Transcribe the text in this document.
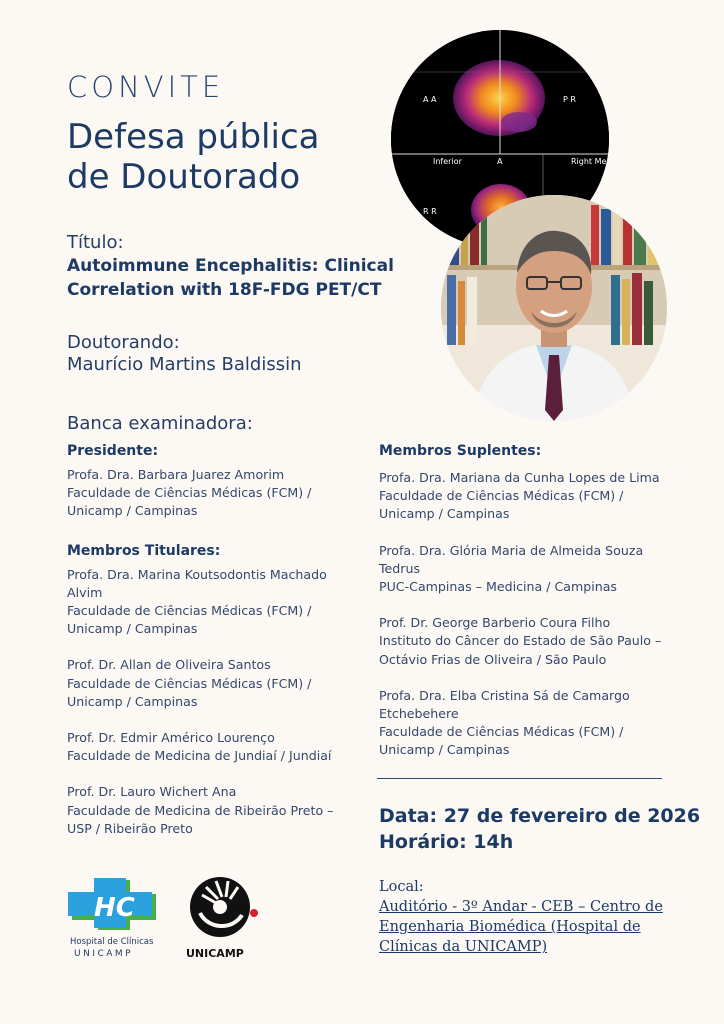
CONVITE
Defesa pública
de Doutorado
Título:
Autoimmune Encephalitis: Clinical Correlation with 18F-FDG PET/CT
Doutorando:
Maurício Martins Baldissin
Banca examinadora:
Presidente:
Profa. Dra. Barbara Juarez Amorim
Faculdade de Ciências Médicas (FCM) / Unicamp / Campinas
Membros Titulares:
Profa. Dra. Marina Koutsodontis Machado Alvim
Faculdade de Ciências Médicas (FCM) / Unicamp / Campinas
Prof. Dr. Allan de Oliveira Santos
Faculdade de Ciências Médicas (FCM) / Unicamp / Campinas
Prof. Dr. Edmir Américo Lourenço
Faculdade de Medicina de Jundiaí / Jundiaí
Prof. Dr. Lauro Wichert Ana
Faculdade de Medicina de Ribeirão Preto – USP / Ribeirão Preto
Membros Suplentes:
Profa. Dra. Mariana da Cunha Lopes de Lima
Faculdade de Ciências Médicas (FCM) / Unicamp / Campinas
Profa. Dra. Glória Maria de Almeida Souza Tedrus
PUC-Campinas – Medicina / Campinas
Prof. Dr. George Barberio Coura Filho
Instituto do Câncer do Estado de São Paulo – Octávio Frias de Oliveira / São Paulo
Profa. Dra. Elba Cristina Sá de Camargo Etchebehere
Faculdade de Ciências Médicas (FCM) / Unicamp / Campinas
Data: 27 de fevereiro de 2026
Horário: 14h
Local:
Auditório - 3º Andar - CEB – Centro de Engenharia Biomédica (Hospital de Clínicas da UNICAMP)
A A	P R
Inferior	A	Right Me
R R
HC
Hospital de Clínicas
UNICAMP	UNICAMP
